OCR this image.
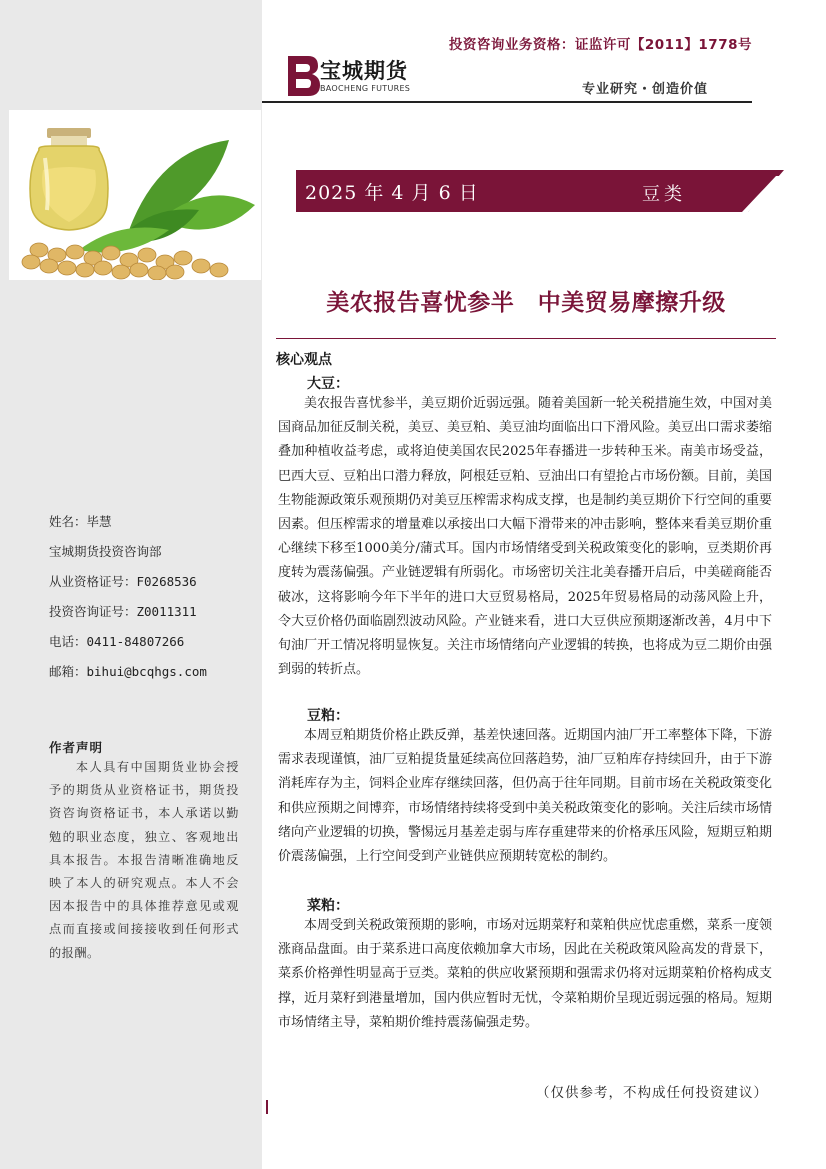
投资咨询业务资格：证监许可【2011】1778号
宝城期货
BAOCHENG FUTURES	专业研究・创造价值
2025 年 4 月 6 日	豆类
美农报告喜忧参半　中美贸易摩擦升级
核心观点
大豆：
美农报告喜忧参半，美豆期价近弱远强。随着美国新一轮关税措施生效，中国对美国商品加征反制关税，美豆、美豆粕、美豆油均面临出口下滑风险。美豆出口需求萎缩叠加种植收益考虑，或将迫使美国农民2025年春播进一步转种玉米。南美市场受益，巴西大豆、豆粕出口潜力释放，阿根廷豆粕、豆油出口有望抢占市场份额。目前，美国生物能源政策乐观预期仍对美豆压榨需求构成支撑，也是制约美豆期价下行空间的重要因素。但压榨需求的增量难以承接出口大幅下滑带来的冲击影响，整体来看美豆期价重心继续下移至1000美分/蒲式耳。国内市场情绪受到关税政策变化的影响，豆类期价再度转为震荡偏强。产业链逻辑有所弱化。市场密切关注北美春播开启后，中美磋商能否破冰，这将影响今年下半年的进口大豆贸易格局，2025年贸易格局的动荡风险上升，令大豆价格仍面临剧烈波动风险。产业链来看，进口大豆供应预期逐渐改善，4月中下旬油厂开工情况将明显恢复。关注市场情绪向产业逻辑的转换，也将成为豆二期价由强到弱的转折点。
豆粕：
本周豆粕期货价格止跌反弹，基差快速回落。近期国内油厂开工率整体下降，下游需求表现谨慎，油厂豆粕提货量延续高位回落趋势，油厂豆粕库存持续回升，由于下游消耗库存为主，饲料企业库存继续回落，但仍高于往年同期。目前市场在关税政策变化和供应预期之间博弈，市场情绪持续将受到中美关税政策变化的影响。关注后续市场情绪向产业逻辑的切换，警惕远月基差走弱与库存重建带来的价格承压风险，短期豆粕期价震荡偏强，上行空间受到产业链供应预期转宽松的制约。
菜粕：
本周受到关税政策预期的影响，市场对远期菜籽和菜粕供应忧虑重燃，菜系一度领涨商品盘面。由于菜系进口高度依赖加拿大市场，因此在关税政策风险高发的背景下，菜系价格弹性明显高于豆类。菜粕的供应收紧预期和强需求仍将对远期菜粕价格构成支撑，近月菜籽到港量增加，国内供应暂时无忧，令菜粕期价呈现近弱远强的格局。短期市场情绪主导，菜粕期价维持震荡偏强走势。
（仅供参考，不构成任何投资建议）
姓名：毕慧
宝城期货投资咨询部
从业资格证号：F0268536
投资咨询证号：Z0011311
电话：0411-84807266
邮箱：bihui@bcqhgs.com
作者声明
本人具有中国期货业协会授予的期货从业资格证书，期货投资咨询资格证书，本人承诺以勤勉的职业态度，独立、客观地出具本报告。本报告清晰准确地反映了本人的研究观点。本人不会因本报告中的具体推荐意见或观点而直接或间接接收到任何形式的报酬。
